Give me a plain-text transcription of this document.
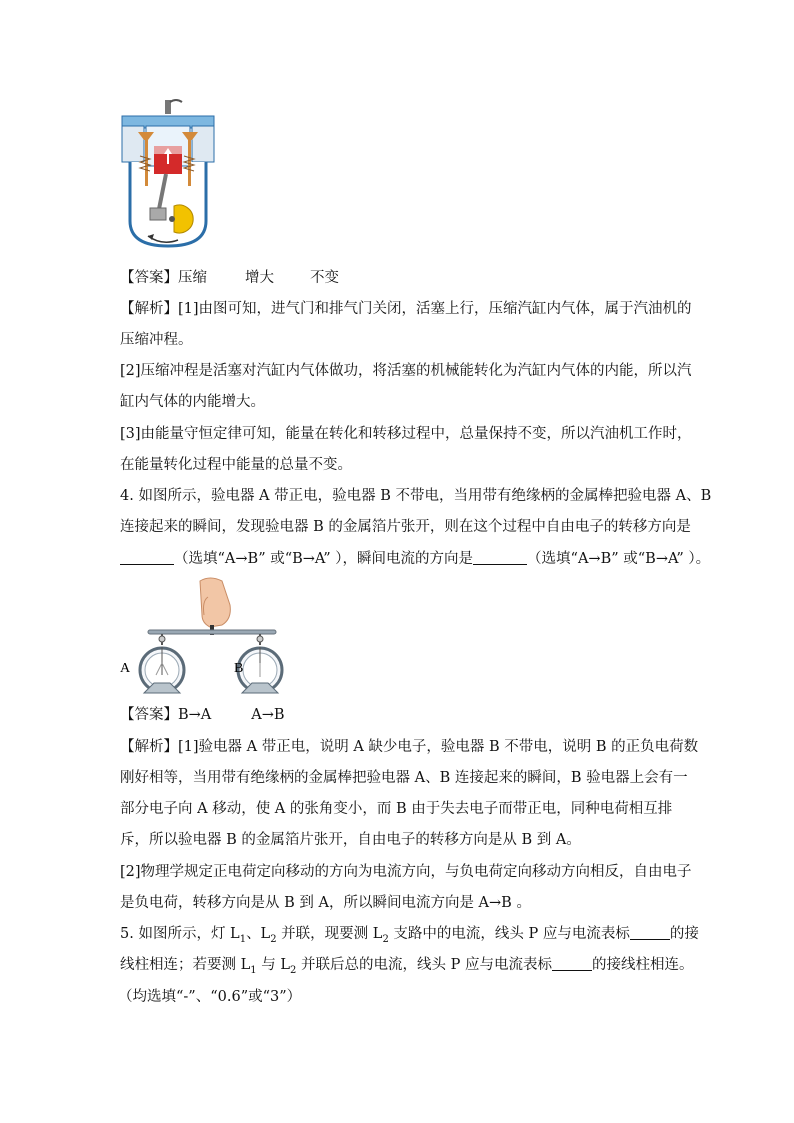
【答案】压缩	增大 不变
【解析】[1]由图可知，进气门和排气门关闭，活塞上行，压缩汽缸内气体，属于汽油机的
压缩冲程。
[2]压缩冲程是活塞对汽缸内气体做功，将活塞的机械能转化为汽缸内气体的内能，所以汽
缸内气体的内能增大。
[3]由能量守恒定律可知，能量在转化和转移过程中，总量保持不变，所以汽油机工作时，
在能量转化过程中能量的总量不变。
4. 如图所示，验电器 A 带正电，验电器 B 不带电，当用带有绝缘柄的金属棒把验电器 A、B
连接起来的瞬间，发现验电器 B 的金属箔片张开，则在这个过程中自由电子的转移方向是
（选填“A→B” 或“B→A” ），瞬间电流的方向是	（选填“A→B” 或“B→A” ）。
A	B
【答案】B→A	A→B
【解析】[1]验电器 A 带正电，说明 A 缺少电子，验电器 B 不带电，说明 B 的正负电荷数
刚好相等，当用带有绝缘柄的金属棒把验电器 A、B 连接起来的瞬间，B 验电器上会有一
部分电子向 A 移动，使 A 的张角变小，而 B 由于失去电子而带正电，同种电荷相互排
斥，所以验电器 B 的金属箔片张开，自由电子的转移方向是从 B 到 A。
[2]物理学规定正电荷定向移动的方向为电流方向，与负电荷定向移动方向相反，自由电子
是负电荷，转移方向是从 B 到 A，所以瞬间电流方向是 A→B 。
5. 如图所示，灯 $L_1$、$L_2$ 并联，现要测 $L_2$ 支路中的电流，线头 P 应与电流表标	的接
线柱相连；若要测 $L_1$ 与 $L_2$ 并联后总的电流，线头 P 应与电流表标	的接线柱相连。
（均选填“-”、“0.6”或“3”）
